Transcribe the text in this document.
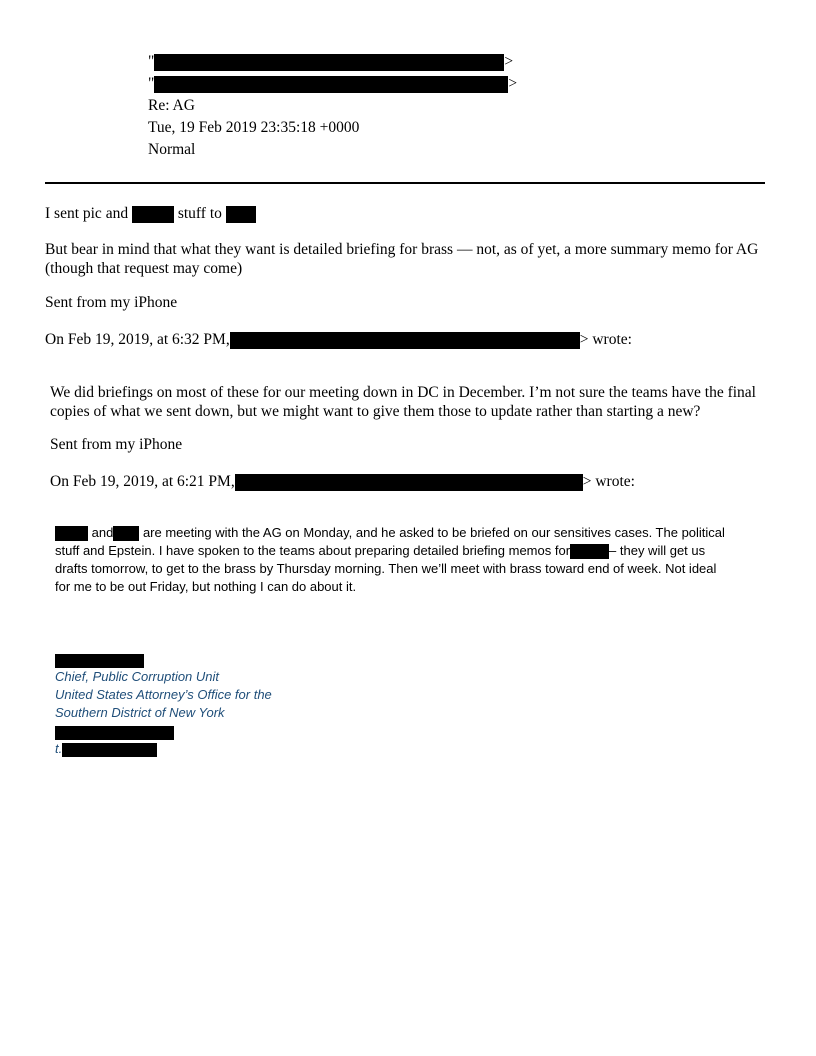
"	>
"	>
Re: AG
Tue, 19 Feb 2019 23:35:18 +0000
Normal
I sent pic and	stuff to
But bear in mind that what they want is detailed briefing for brass — not, as of yet, a more summary memo for AG (though that request may come)
Sent from my iPhone
On Feb 19, 2019, at 6:32 PM,	> wrote:
We did briefings on most of these for our meeting down in DC in December. I’m not sure the teams have the final copies of what we sent down, but we might want to give them those to update rather than starting a new?
Sent from my iPhone
On Feb 19, 2019, at 6:21 PM,	> wrote:
and are meeting with the AG on Monday, and he asked to be briefed on our sensitives cases. The political
stuff and Epstein. I have spoken to the teams about preparing detailed briefing memos for	– they will get us
drafts tomorrow, to get to the brass by Thursday morning. Then we’ll meet with brass toward end of week. Not ideal
for me to be out Friday, but nothing I can do about it.
Chief, Public Corruption Unit
United States Attorney’s Office for the
Southern District of New York
t.
